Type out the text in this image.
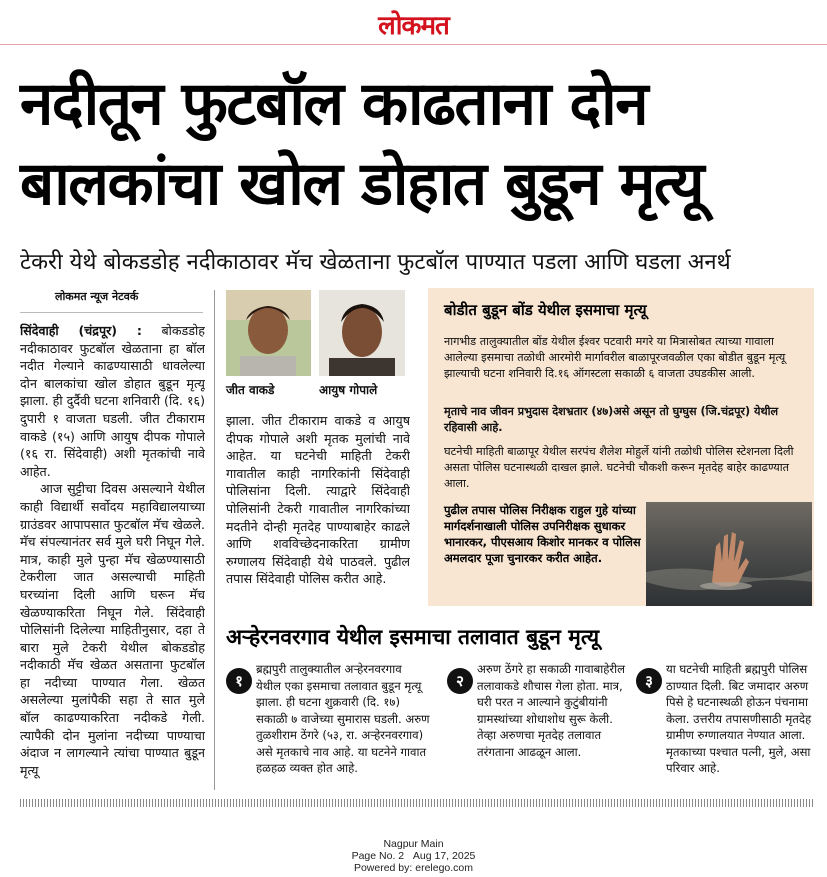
लोकमत
नदीतून फुटबॉल काढताना दोन
बालकांचा खोल डोहात बुडून मृत्यू
टेकरी येथे बोकडडोह नदीकाठावर मॅच खेळताना फुटबॉल पाण्यात पडला आणि घडला अनर्थ
लोकमत न्यूज नेटवर्क

सिंदेवाही (चंद्रपूर) : बोकडडोह नदीकाठावर फुटबॉल खेळताना हा बॉल नदीत गेल्याने काढण्यासाठी धावलेल्या दोन बालकांचा खोल डोहात बुडून मृत्यू झाला. ही दुर्दैवी घटना शनिवारी (दि. १६) दुपारी १ वाजता घडली. जीत टीकाराम वाकडे (१५) आणि आयुष दीपक गोपाले (१६ रा. सिंदेवाही) अशी मृतकांची नावे आहेत.

आज सुट्टीचा दिवस असल्याने येथील काही विद्यार्थी सर्वोदय महाविद्यालयाच्या ग्राउंडवर आपापसात फुटबॉल मॅच खेळले. मॅच संपल्यानंतर सर्व मुले घरी निघून गेले. मात्र, काही मुले पुन्हा मॅच खेळण्यासाठी टेकरीला जात असल्याची माहिती घरच्यांना दिली आणि घरून मॅच खेळण्याकरिता निघून गेले. सिंदेवाही पोलिसांनी दिलेल्या माहितीनुसार, दहा ते बारा मुले टेकरी येथील बोकडडोह नदीकाठी मॅच खेळत असताना फुटबॉल हा नदीच्या पाण्यात गेला. खेळत असलेल्या मुलांपैकी सहा ते सात मुले बॉल काढण्याकरिता नदीकडे गेली. त्यापैकी दोन मुलांना नदीच्या पाण्याचा अंदाज न लागल्याने त्यांचा पाण्यात बुडून मृत्यू

जीत वाकडे	आयुष गोपाले

झाला. जीत टीकाराम वाकडे व आयुष दीपक गोपाले अशी मृतक मुलांची नावे आहेत. या घटनेची माहिती टेकरी गावातील काही नागरिकांनी सिंदेवाही पोलिसांना दिली. त्याद्वारे सिंदेवाही पोलिसांनी टेकरी गावातील नागरिकांच्या मदतीने दोन्ही मृतदेह पाण्याबाहेर काढले आणि शवविच्छेदनाकरिता ग्रामीण रुग्णालय सिंदेवाही येथे पाठवले. पुढील तपास सिंदेवाही पोलिस करीत आहे.

बोडीत बुडून बोंड येथील इसमाचा मृत्यू
नागभीड तालुक्यातील बोंड येथील ईश्वर पटवारी मगरे या मित्रासोबत त्याच्या गावाला आलेल्या इसमाचा तळोधी आरमोरी मार्गावरील बाळापूरजवळील एका बोडीत बुडून मृत्यू झाल्याची घटना शनिवारी दि.१६ ऑगस्टला सकाळी ६ वाजता उघडकीस आली.
मृताचे नाव जीवन प्रभुदास देशभ्रतार (४७)असे असून तो घुग्घुस (जि.चंद्रपूर) येथील रहिवासी आहे.
घटनेची माहिती बाळापूर येथील सरपंच शैलेश मोहुर्ले यांनी तळोधी पोलिस स्टेशनला दिली असता पोलिस घटनास्थळी दाखल झाले. घटनेची चौकशी करून मृतदेह बाहेर काढण्यात आला.
पुढील तपास पोलिस निरीक्षक राहुल गुहे यांच्या मार्गदर्शनाखाली पोलिस उपनिरीक्षक सुधाकर भानारकर, पीएसआय किशोर मानकर व पोलिस अमलदार पूजा चुनारकर करीत आहेत.
अऱ्हेरनवरगाव येथील इसमाचा तलावात बुडून मृत्यू
१
ब्रह्मपुरी तालुक्यातील अऱ्हेरनवरगाव येथील एका इसमाचा तलावात बुडून मृत्यू झाला. ही घटना शुक्रवारी (दि. १७) सकाळी ७ वाजेच्या सुमारास घडली. अरुण तुळशीराम ठेंगरे (५३, रा. अऱ्हेरनवरगाव) असे मृतकाचे नाव आहे. या घटनेने गावात हळहळ व्यक्त होत आहे.
२
अरुण ठेंगरे हा सकाळी गावाबाहेरील तलावाकडे शौचास गेला होता. मात्र, घरी परत न आल्याने कुटुंबीयांनी ग्रामस्थांच्या शोधाशोध सुरू केली. तेव्हा अरुणचा मृतदेह तलावात तरंगताना आढळून आला.
३
या घटनेची माहिती ब्रह्मपुरी पोलिस ठाण्यात दिली. बिट जमादार अरुण पिसे हे घटनास्थळी होऊन पंचनामा केला. उत्तरीय तपासणीसाठी मृतदेह ग्रामीण रुग्णालयात नेण्यात आला. मृतकाच्या पश्चात पत्नी, मुले, असा परिवार आहे.
Nagpur Main
Page No. 2 Aug 17, 2025
Powered by: erelego.com
